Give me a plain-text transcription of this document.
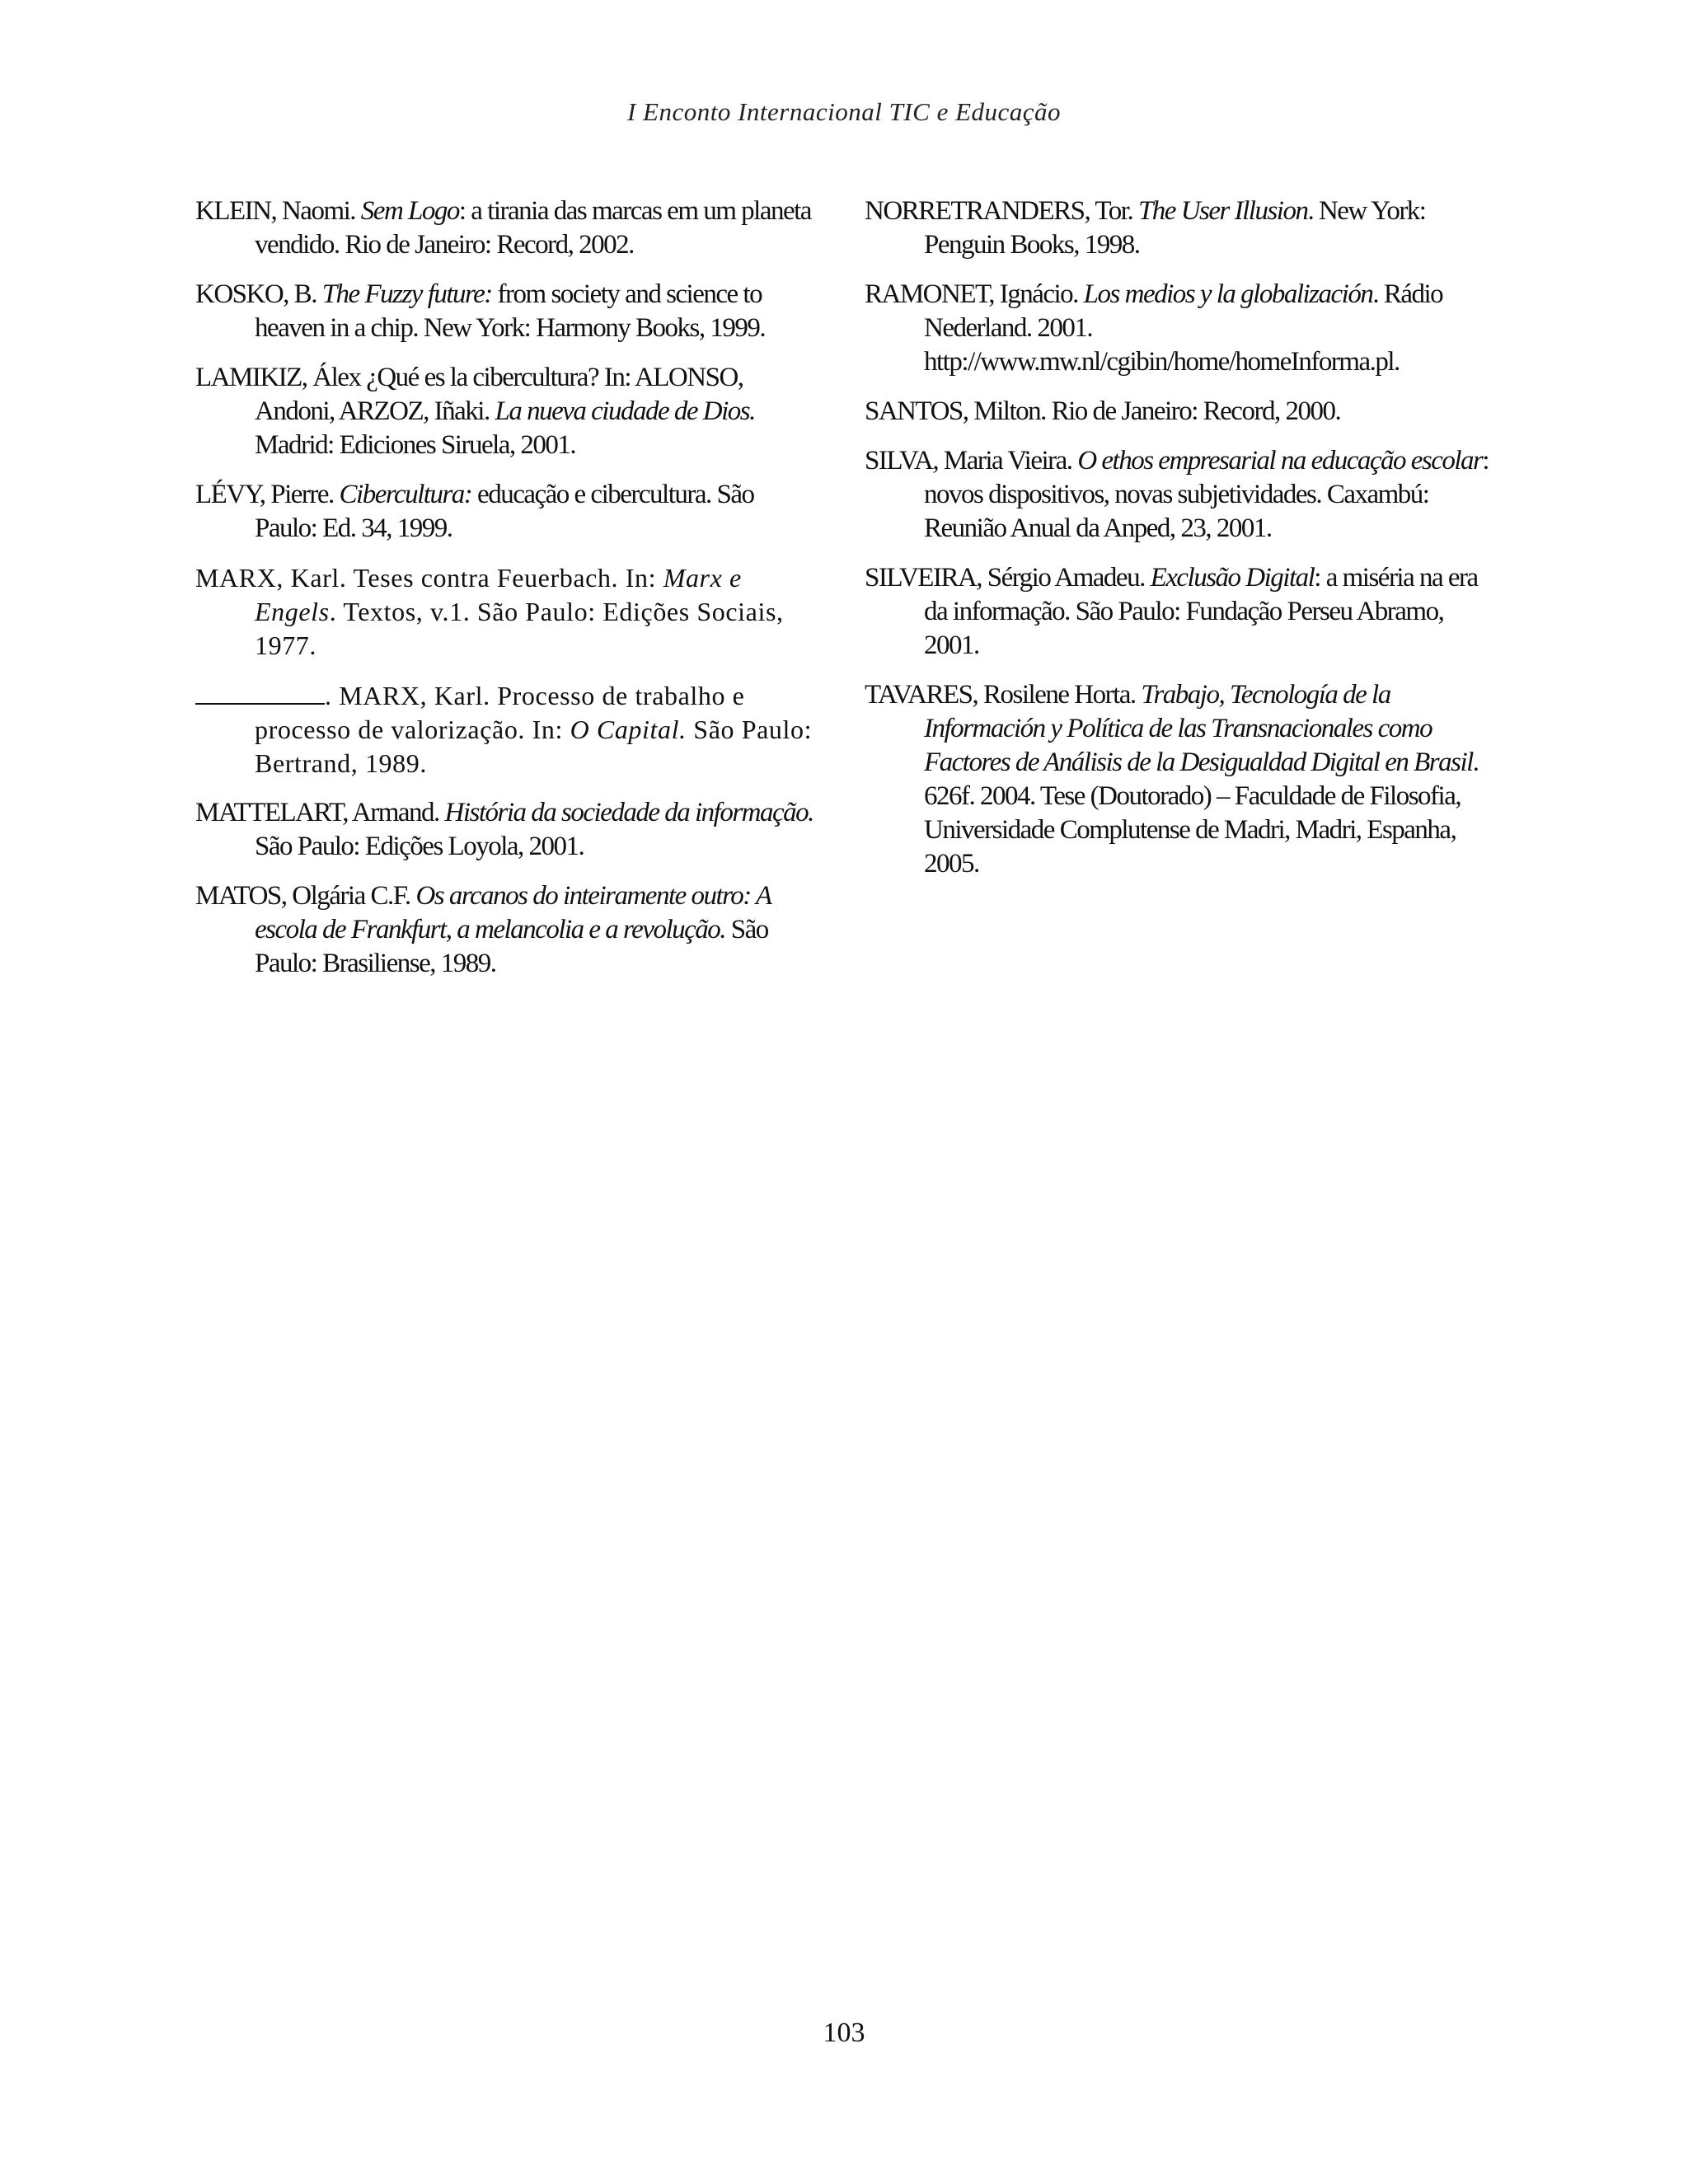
I Enconto Internacional TIC e Educação

KLEIN, Naomi. Sem Logo: a tirania das marcas em um planeta vendido. Rio de Janeiro: Record, 2002.

KOSKO, B. The Fuzzy future: from society and science to heaven in a chip. New York: Harmony Books, 1999.

LAMIKIZ, Álex ¿Qué es la cibercultura? In: ALONSO, Andoni, ARZOZ, Iñaki. La nueva ciudade de Dios. Madrid: Ediciones Siruela, 2001.

LÉVY, Pierre. Cibercultura: educação e cibercultura. São Paulo: Ed. 34, 1999.

MARX, Karl. Teses contra Feuerbach. In: Marx e Engels. Textos, v.1. São Paulo: Edições Sociais, 1977.

. MARX, Karl. Processo de trabalho e processo de valorização. In: O Capital. São Paulo: Bertrand, 1989.

MATTELART, Armand. História da sociedade da informação. São Paulo: Edições Loyola, 2001.

MATOS, Olgária C.F. Os arcanos do inteiramente outro: A escola de Frankfurt, a melancolia e a revolução. São Paulo: Brasiliense, 1989.

NORRETRANDERS, Tor. The User Illusion. New York: Penguin Books, 1998.

RAMONET, Ignácio. Los medios y la globalización. Rádio Nederland. 2001. http://www.mw.nl/cgibin/home/homeInforma.pl.

SANTOS, Milton. Rio de Janeiro: Record, 2000.

SILVA, Maria Vieira. O ethos empresarial na educação escolar: novos dispositivos, novas subjetividades. Caxambú: Reunião Anual da Anped, 23, 2001.

SILVEIRA, Sérgio Amadeu. Exclusão Digital: a miséria na era da informação. São Paulo: Fundação Perseu Abramo, 2001.

TAVARES, Rosilene Horta. Trabajo, Tecnología de la Información y Política de las Transnacionales como Factores de Análisis de la Desigualdad Digital en Brasil. 626f. 2004. Tese (Doutorado) – Faculdade de Filosofia, Universidade Complutense de Madri, Madri, Espanha, 2005.

103
